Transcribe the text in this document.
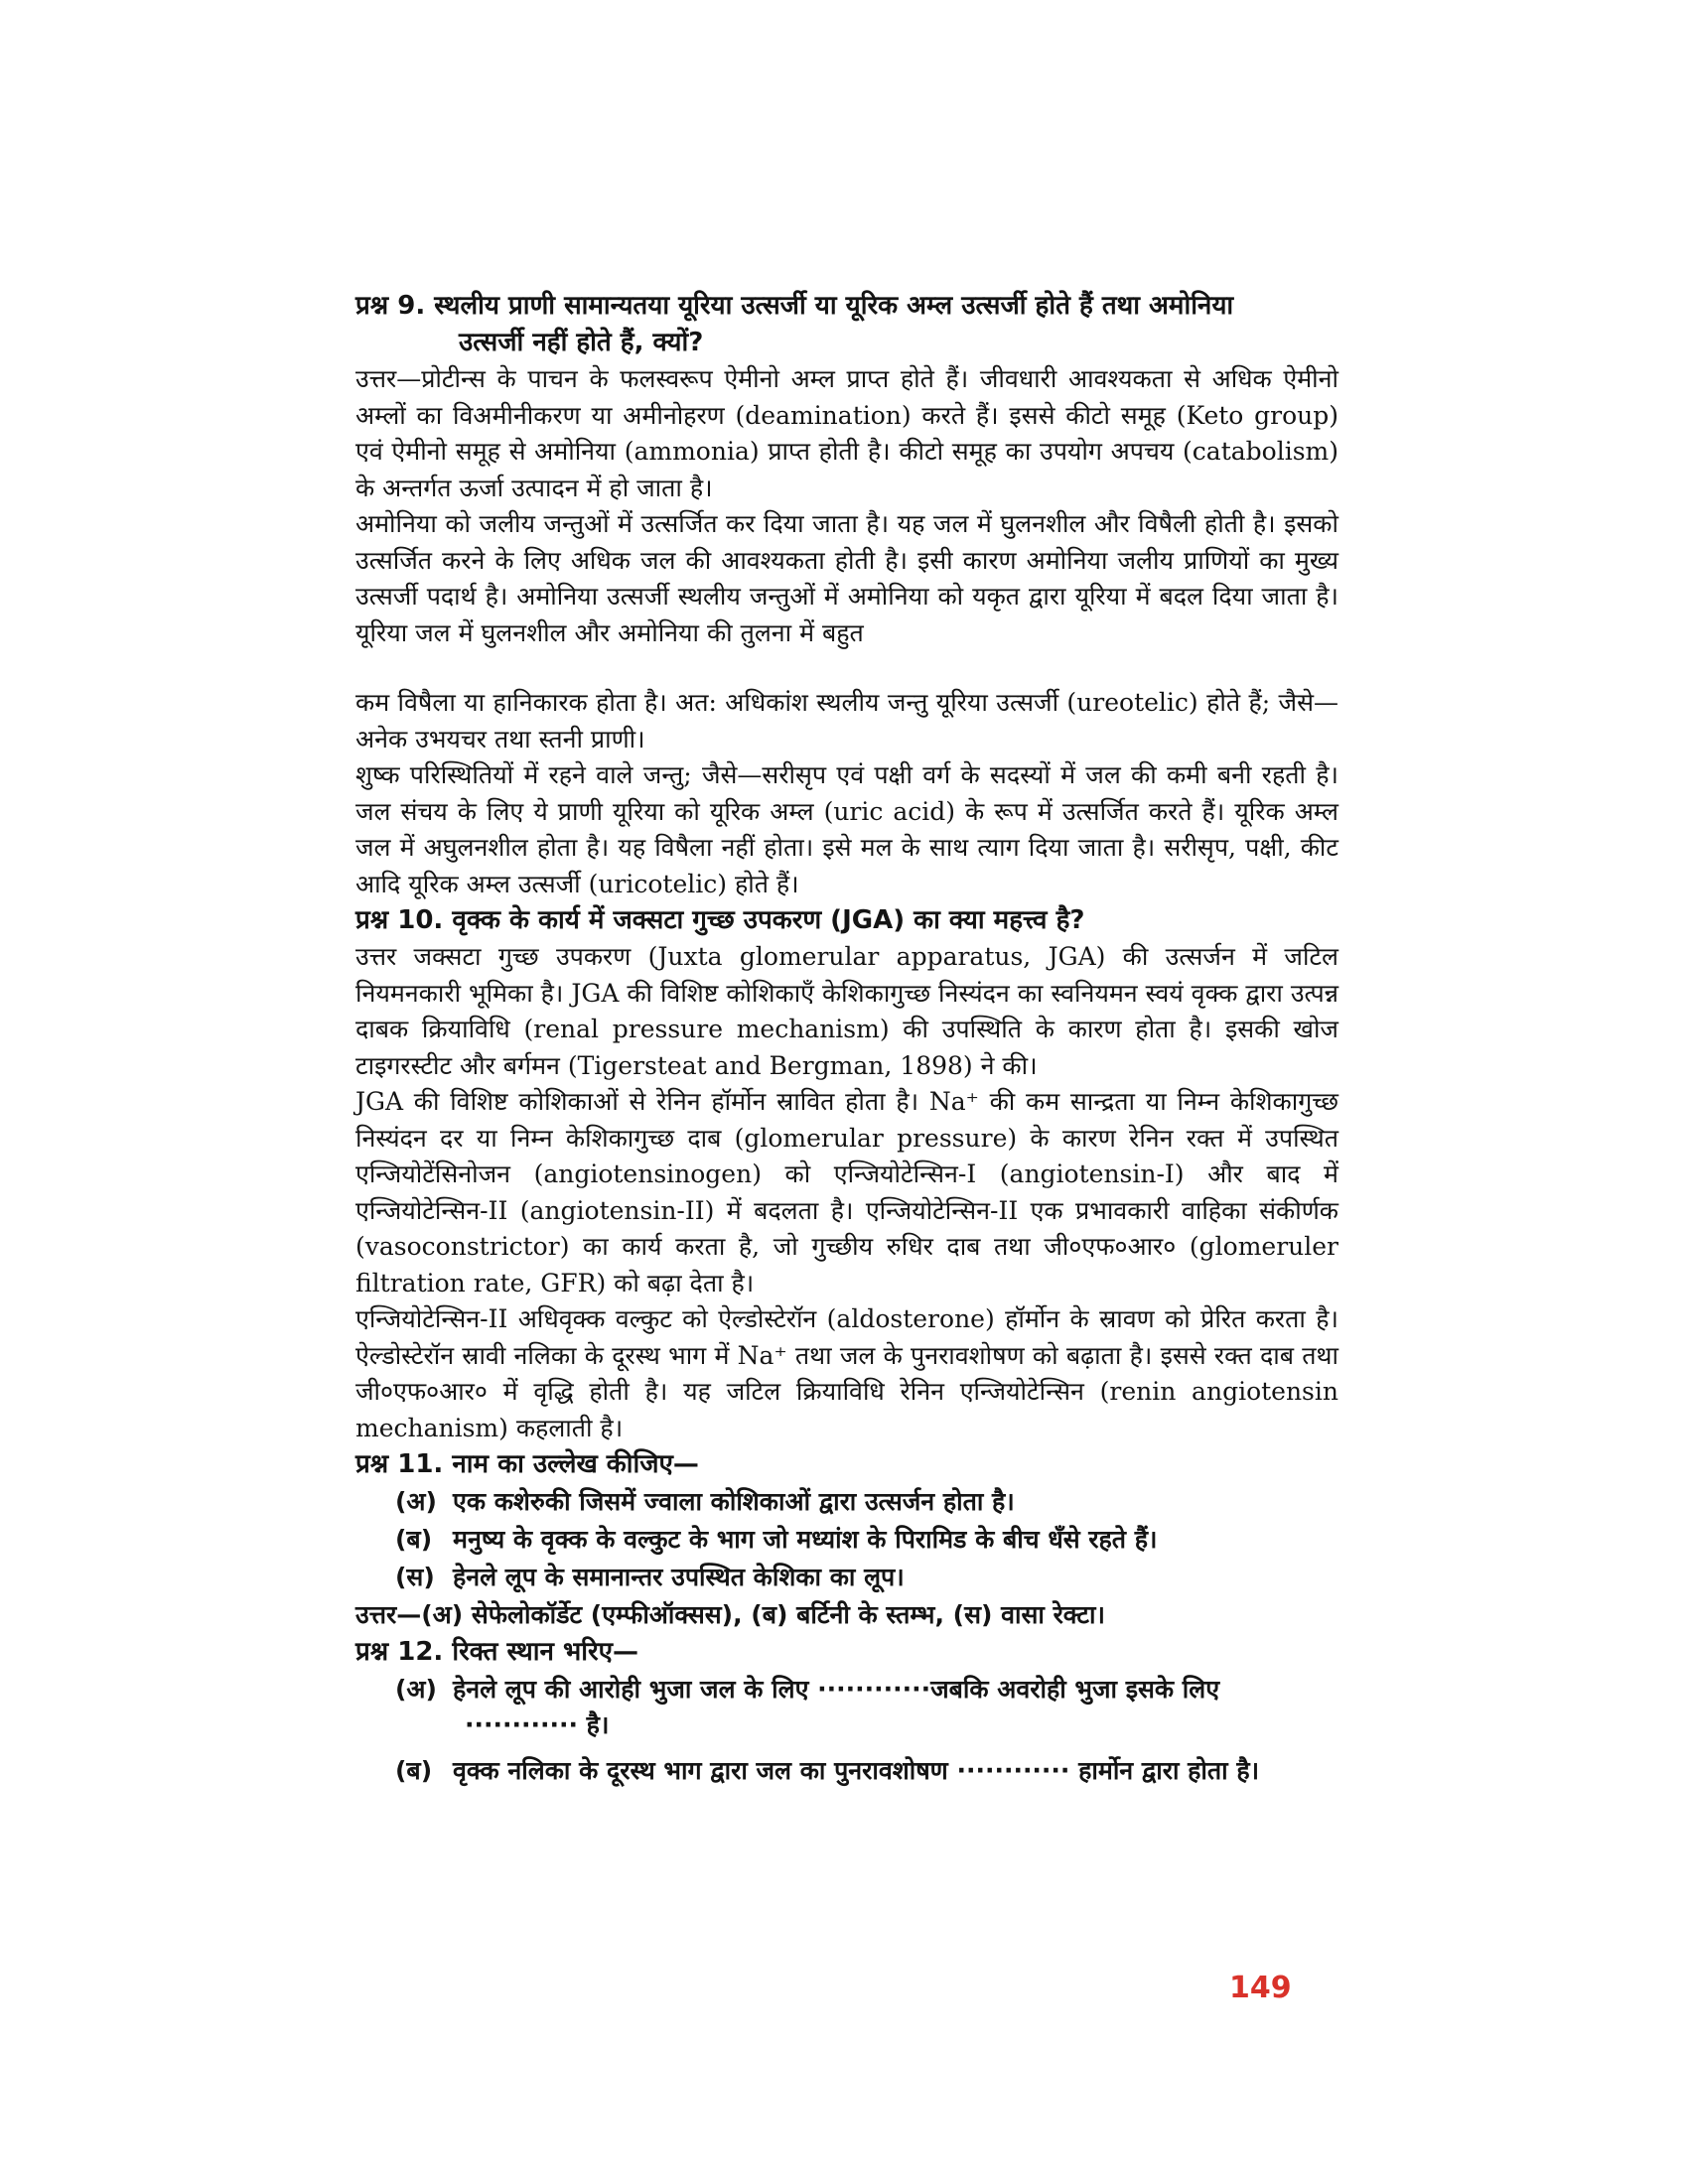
प्रश्न 9. स्थलीय प्राणी सामान्यतया यूरिया उत्सर्जी या यूरिक अम्ल उत्सर्जी होते हैं तथा अमोनिया

उत्सर्जी नहीं होते हैं, क्यों?

उत्तर—प्रोटीन्स के पाचन के फलस्वरूप ऐमीनो अम्ल प्राप्त होते हैं। जीवधारी आवश्यकता से अधिक ऐमीनो अम्लों का विअमीनीकरण या अमीनोहरण (deamination) करते हैं। इससे कीटो समूह (Keto group) एवं ऐमीनो समूह से अमोनिया (ammonia) प्राप्त होती है। कीटो समूह का उपयोग अपचय (catabolism) के अन्तर्गत ऊर्जा उत्पादन में हो जाता है।

अमोनिया को जलीय जन्तुओं में उत्सर्जित कर दिया जाता है। यह जल में घुलनशील और विषैली होती है। इसको उत्सर्जित करने के लिए अधिक जल की आवश्यकता होती है। इसी कारण अमोनिया जलीय प्राणियों का मुख्य उत्सर्जी पदार्थ है। अमोनिया उत्सर्जी स्थलीय जन्तुओं में अमोनिया को यकृत द्वारा यूरिया में बदल दिया जाता है। यूरिया जल में घुलनशील और अमोनिया की तुलना में बहुत

कम विषैला या हानिकारक होता है। अत: अधिकांश स्थलीय जन्तु यूरिया उत्सर्जी (ureotelic) होते हैं; जैसे— अनेक उभयचर तथा स्तनी प्राणी।

शुष्क परिस्थितियों में रहने वाले जन्तु; जैसे—सरीसृप एवं पक्षी वर्ग के सदस्यों में जल की कमी बनी रहती है। जल संचय के लिए ये प्राणी यूरिया को यूरिक अम्ल (uric acid) के रूप में उत्सर्जित करते हैं। यूरिक अम्ल जल में अघुलनशील होता है। यह विषैला नहीं होता। इसे मल के साथ त्याग दिया जाता है। सरीसृप, पक्षी, कीट आदि यूरिक अम्ल उत्सर्जी (uricotelic) होते हैं।

प्रश्न 10. वृक्क के कार्य में जक्सटा गुच्छ उपकरण (JGA) का क्या महत्त्व है?

उत्तर जक्सटा गुच्छ उपकरण (Juxta glomerular apparatus, JGA) की उत्सर्जन में जटिल नियमनकारी भूमिका है। JGA की विशिष्ट कोशिकाएँ केशिकागुच्छ निस्यंदन का स्वनियमन स्वयं वृक्क द्वारा उत्पन्न दाबक क्रियाविधि (renal pressure mechanism) की उपस्थिति के कारण होता है। इसकी खोज टाइगरस्टीट और बर्गमन (Tigersteat and Bergman, 1898) ने की।

JGA की विशिष्ट कोशिकाओं से रेनिन हॉर्मोन स्रावित होता है। Na⁺ की कम सान्द्रता या निम्न केशिकागुच्छ निस्यंदन दर या निम्न केशिकागुच्छ दाब (glomerular pressure) के कारण रेनिन रक्त में उपस्थित एन्जियोटेंसिनोजन (angiotensinogen) को एन्जियोटेन्सिन-I (angiotensin-I) और बाद में एन्जियोटेन्सिन-II (angiotensin-II) में बदलता है। एन्जियोटेन्सिन-II एक प्रभावकारी वाहिका संकीर्णक (vasoconstrictor) का कार्य करता है, जो गुच्छीय रुधिर दाब तथा जी०एफ०आर० (glomeruler filtration rate, GFR) को बढ़ा देता है।

एन्जियोटेन्सिन-II अधिवृक्क वल्कुट को ऐल्डोस्टेरॉन (aldosterone) हॉर्मोन के स्रावण को प्रेरित करता है। ऐल्डोस्टेरॉन स्रावी नलिका के दूरस्थ भाग में Na⁺ तथा जल के पुनरावशोषण को बढ़ाता है। इससे रक्त दाब तथा जी०एफ०आर० में वृद्धि होती है। यह जटिल क्रियाविधि रेनिन एन्जियोटेन्सिन (renin angiotensin mechanism) कहलाती है।

प्रश्न 11. नाम का उल्लेख कीजिए—

(अ) एक कशेरुकी जिसमें ज्वाला कोशिकाओं द्वारा उत्सर्जन होता है।

(ब) मनुष्य के वृक्क के वल्कुट के भाग जो मध्यांश के पिरामिड के बीच धँसे रहते हैं।

(स) हेनले लूप के समानान्तर उपस्थित केशिका का लूप।

उत्तर—(अ) सेफेलोकॉर्डेट (एम्फीऑक्सस), (ब) बर्टिनी के स्तम्भ, (स) वासा रेक्टा।

प्रश्न 12. रिक्त स्थान भरिए—

(अ) हेनले लूप की आरोही भुजा जल के लिए ············जबकि अवरोही भुजा इसके लिए

············ है।

(ब) वृक्क नलिका के दूरस्थ भाग द्वारा जल का पुनरावशोषण ············ हार्मोन द्वारा होता है।

149
